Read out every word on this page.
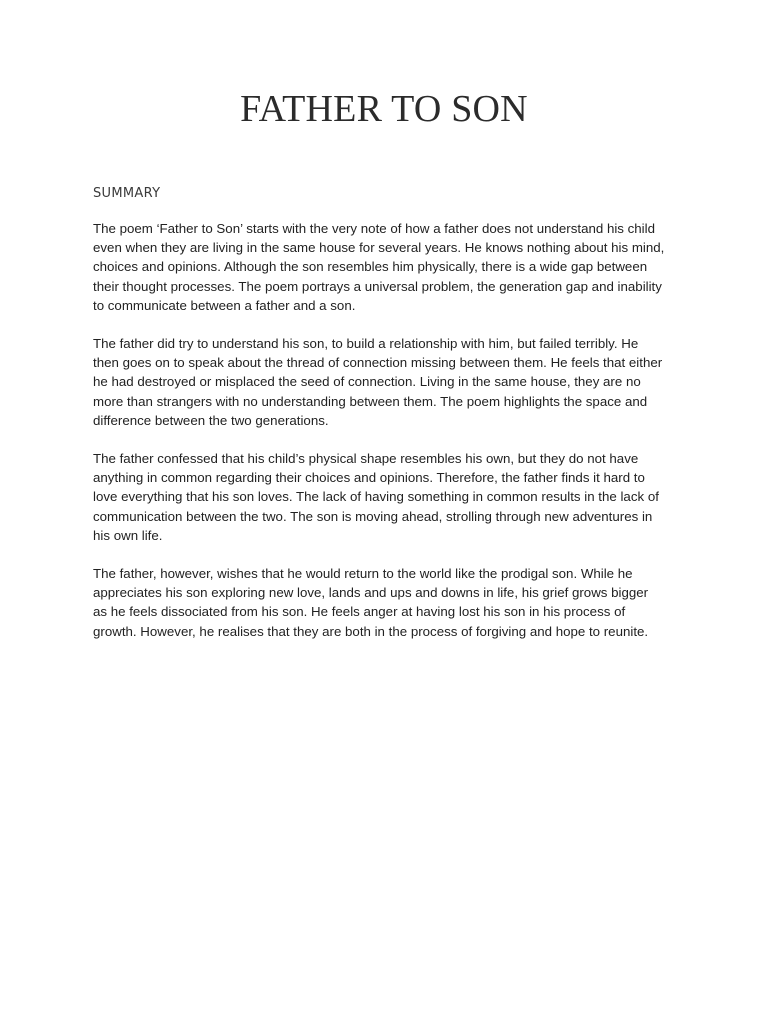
FATHER TO SON
SUMMARY

The poem ‘Father to Son’ starts with the very note of how a father does not understand his child
even when they are living in the same house for several years. He knows nothing about his mind,
choices and opinions. Although the son resembles him physically, there is a wide gap between
their thought processes. The poem portrays a universal problem, the generation gap and inability
to communicate between a father and a son.

The father did try to understand his son, to build a relationship with him, but failed terribly. He
then goes on to speak about the thread of connection missing between them. He feels that either
he had destroyed or misplaced the seed of connection. Living in the same house, they are no
more than strangers with no understanding between them. The poem highlights the space and
difference between the two generations.

The father confessed that his child’s physical shape resembles his own, but they do not have
anything in common regarding their choices and opinions. Therefore, the father finds it hard to
love everything that his son loves. The lack of having something in common results in the lack of
communication between the two. The son is moving ahead, strolling through new adventures in
his own life.

The father, however, wishes that he would return to the world like the prodigal son. While he
appreciates his son exploring new love, lands and ups and downs in life, his grief grows bigger
as he feels dissociated from his son. He feels anger at having lost his son in his process of
growth. However, he realises that they are both in the process of forgiving and hope to reunite.
